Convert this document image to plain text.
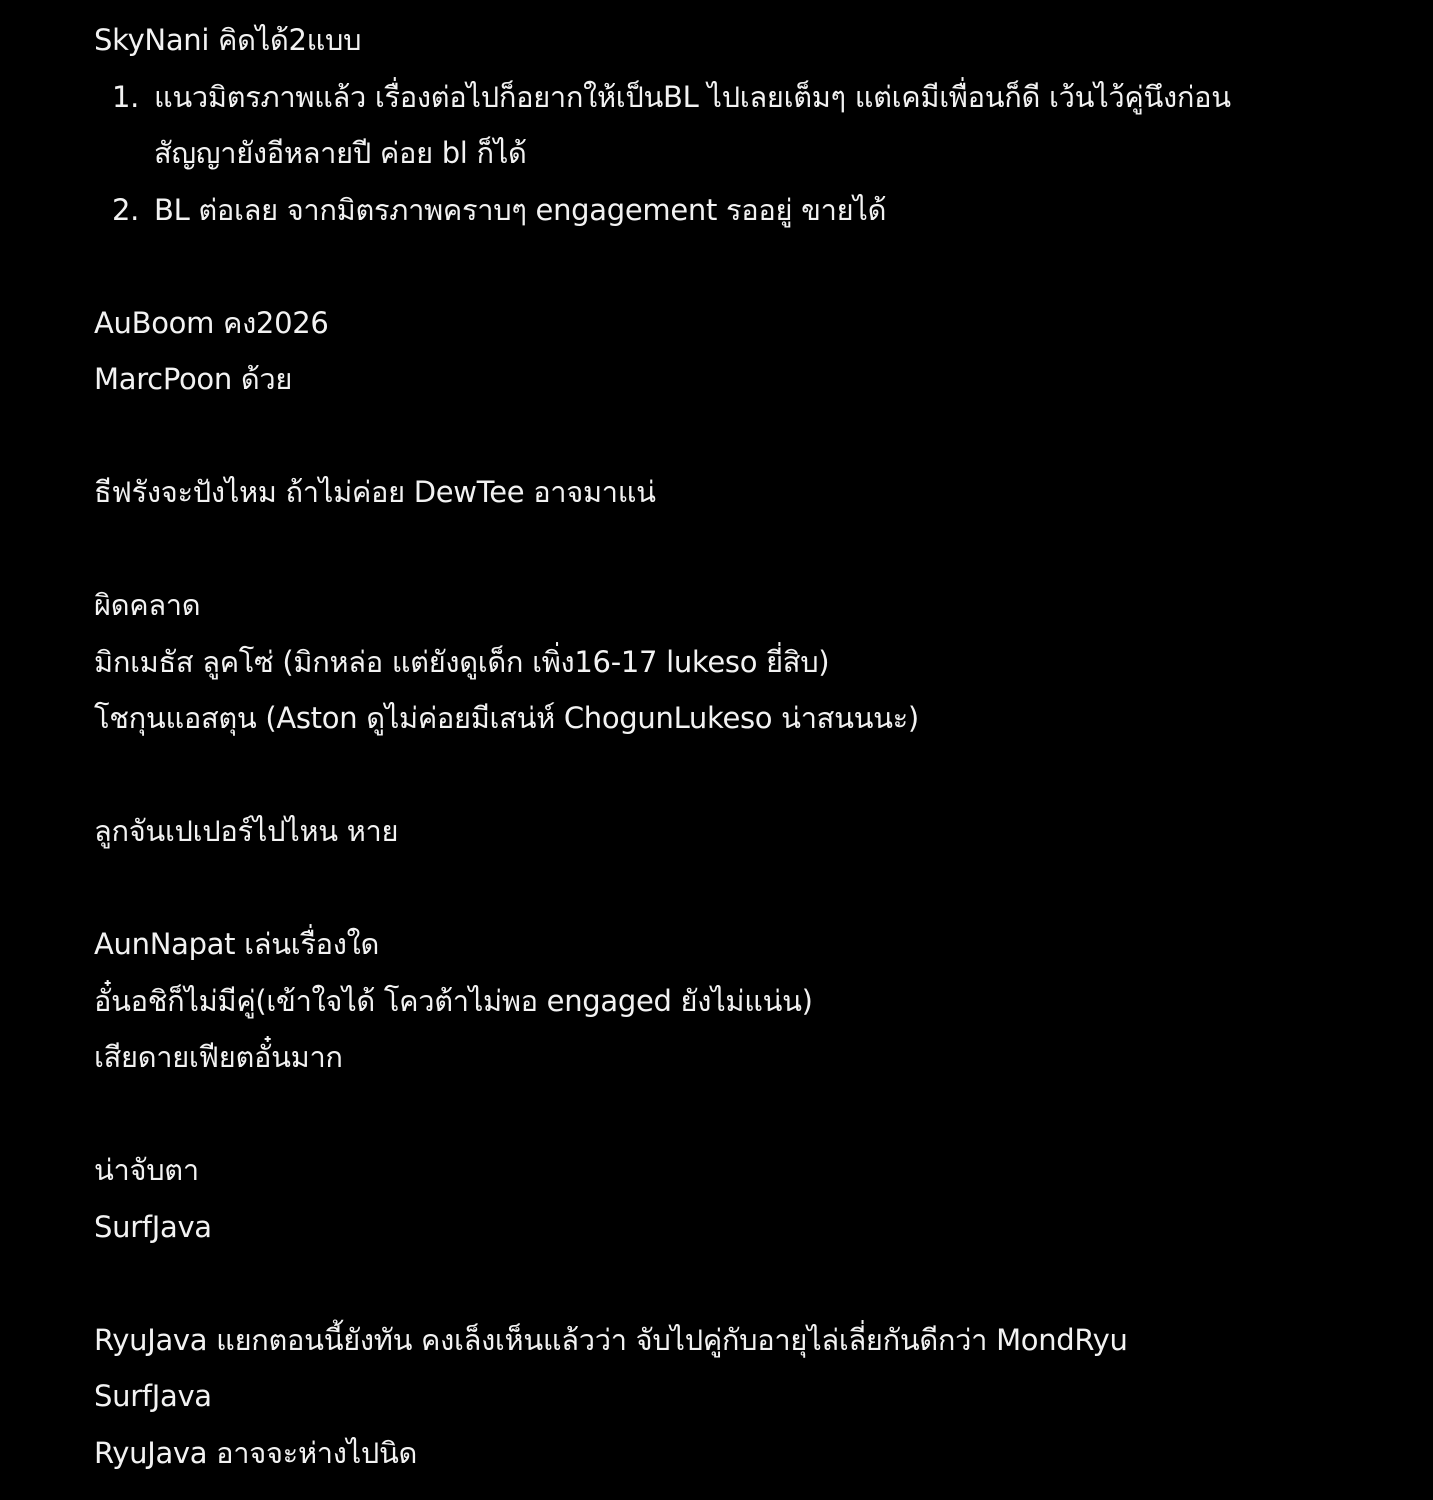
SkyNani คิดได้2แบบ
1. แนวมิตรภาพแล้ว เรื่องต่อไปก็อยากให้เป็นBL ไปเลยเต็มๆ แต่เคมีเพื่อนก็ดี เว้นไว้คู่นึงก่อน
สัญญายังอีหลายปี ค่อย bl ก็ได้
2. BL ต่อเลย จากมิตรภาพคราบๆ engagement รออยู่ ขายได้
AuBoom คง2026
MarcPoon ด้วย
ธีฟรังจะปังไหม ถ้าไม่ค่อย DewTee อาจมาแน่
ผิดคลาด
มิกเมธัส ลูคโซ่ (มิกหล่อ แต่ยังดูเด็ก เพิ่ง16-17 lukeso ยี่สิบ)
โชกุนแอสตุน (Aston ดูไม่ค่อยมีเสน่ห์ ChogunLukeso น่าสนนนะ)
ลูกจันเปเปอร์ไปไหน หาย
AunNapat เล่นเรื่องใด
อั๋นอชิก็ไม่มีคู่(เข้าใจได้ โควต้าไม่พอ engaged ยังไม่แน่น)
เสียดายเฟียตอั๋นมาก
น่าจับตา
SurfJava
RyuJava แยกตอนนี้ยังทัน คงเล็งเห็นแล้วว่า จับไปคู่กับอายุไล่เลี่ยกันดีกว่า MondRyu
SurfJava
RyuJava อาจจะห่างไปนิด
